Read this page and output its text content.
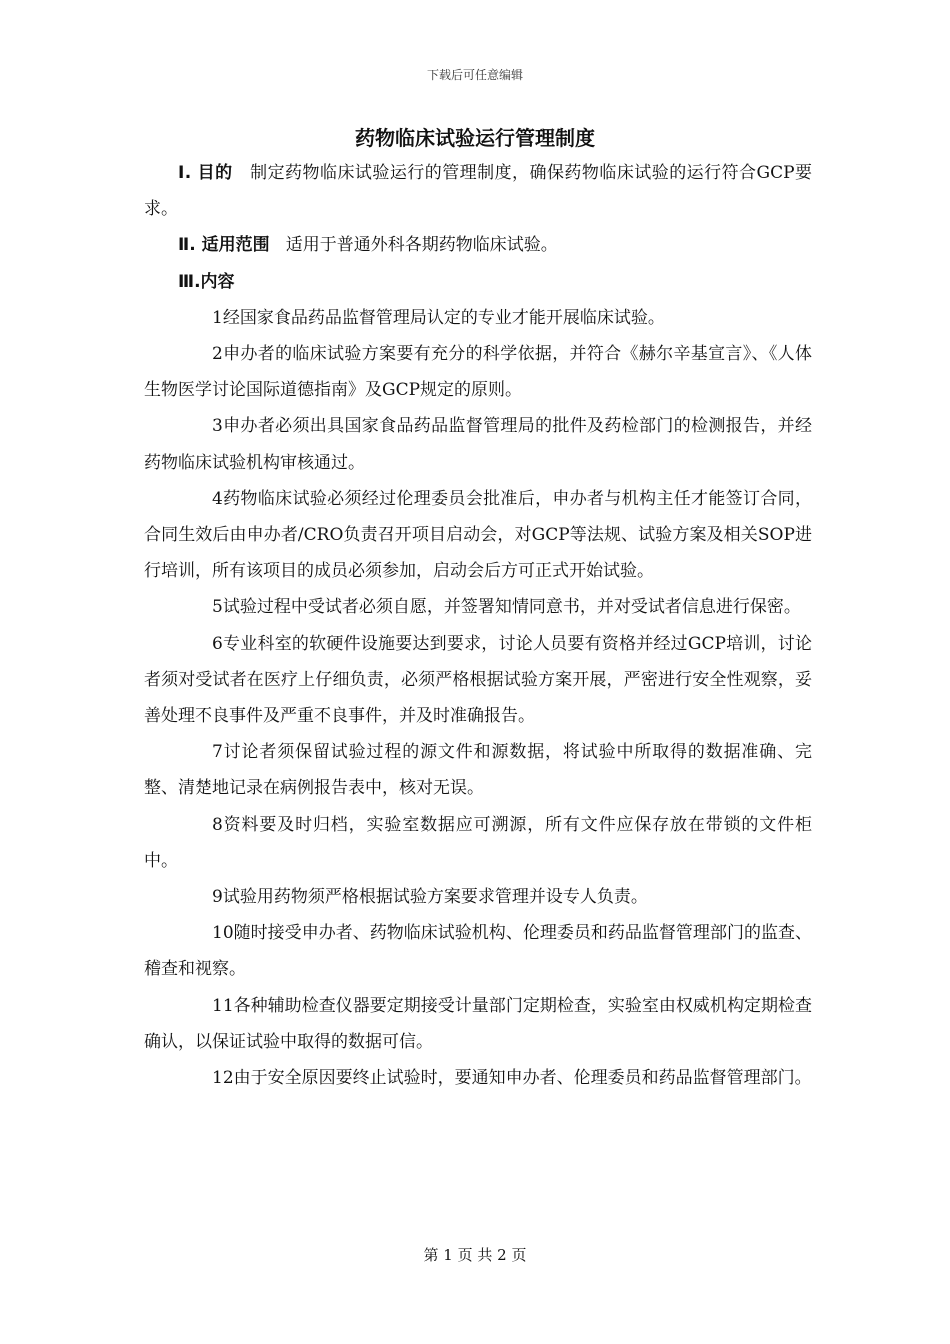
下载后可任意编辑
药物临床试验运行管理制度

Ⅰ. 目的 制定药物临床试验运行的管理制度，确保药物临床试验的运行符合GCP要求。

Ⅱ. 适用范围 适用于普通外科各期药物临床试验。

Ⅲ.内容

1经国家食品药品监督管理局认定的专业才能开展临床试验。

2申办者的临床试验方案要有充分的科学依据，并符合《赫尔辛基宣言》、《人体生物医学讨论国际道德指南》及GCP规定的原则。

3申办者必须出具国家食品药品监督管理局的批件及药检部门的检测报告，并经药物临床试验机构审核通过。

4药物临床试验必须经过伦理委员会批准后，申办者与机构主任才能签订合同，合同生效后由申办者/CRO负责召开项目启动会，对GCP等法规、试验方案及相关SOP进行培训，所有该项目的成员必须参加，启动会后方可正式开始试验。

5试验过程中受试者必须自愿，并签署知情同意书，并对受试者信息进行保密。

6专业科室的软硬件设施要达到要求，讨论人员要有资格并经过GCP培训，讨论者须对受试者在医疗上仔细负责，必须严格根据试验方案开展，严密进行安全性观察，妥善处理不良事件及严重不良事件，并及时准确报告。

7讨论者须保留试验过程的源文件和源数据，将试验中所取得的数据准确、完整、清楚地记录在病例报告表中，核对无误。

8资料要及时归档，实验室数据应可溯源，所有文件应保存放在带锁的文件柜中。

9试验用药物须严格根据试验方案要求管理并设专人负责。

10随时接受申办者、药物临床试验机构、伦理委员和药品监督管理部门的监查、稽查和视察。

11各种辅助检查仪器要定期接受计量部门定期检查，实验室由权威机构定期检查确认，以保证试验中取得的数据可信。

12由于安全原因要终止试验时，要通知申办者、伦理委员和药品监督管理部门。

第 1 页 共 2 页
